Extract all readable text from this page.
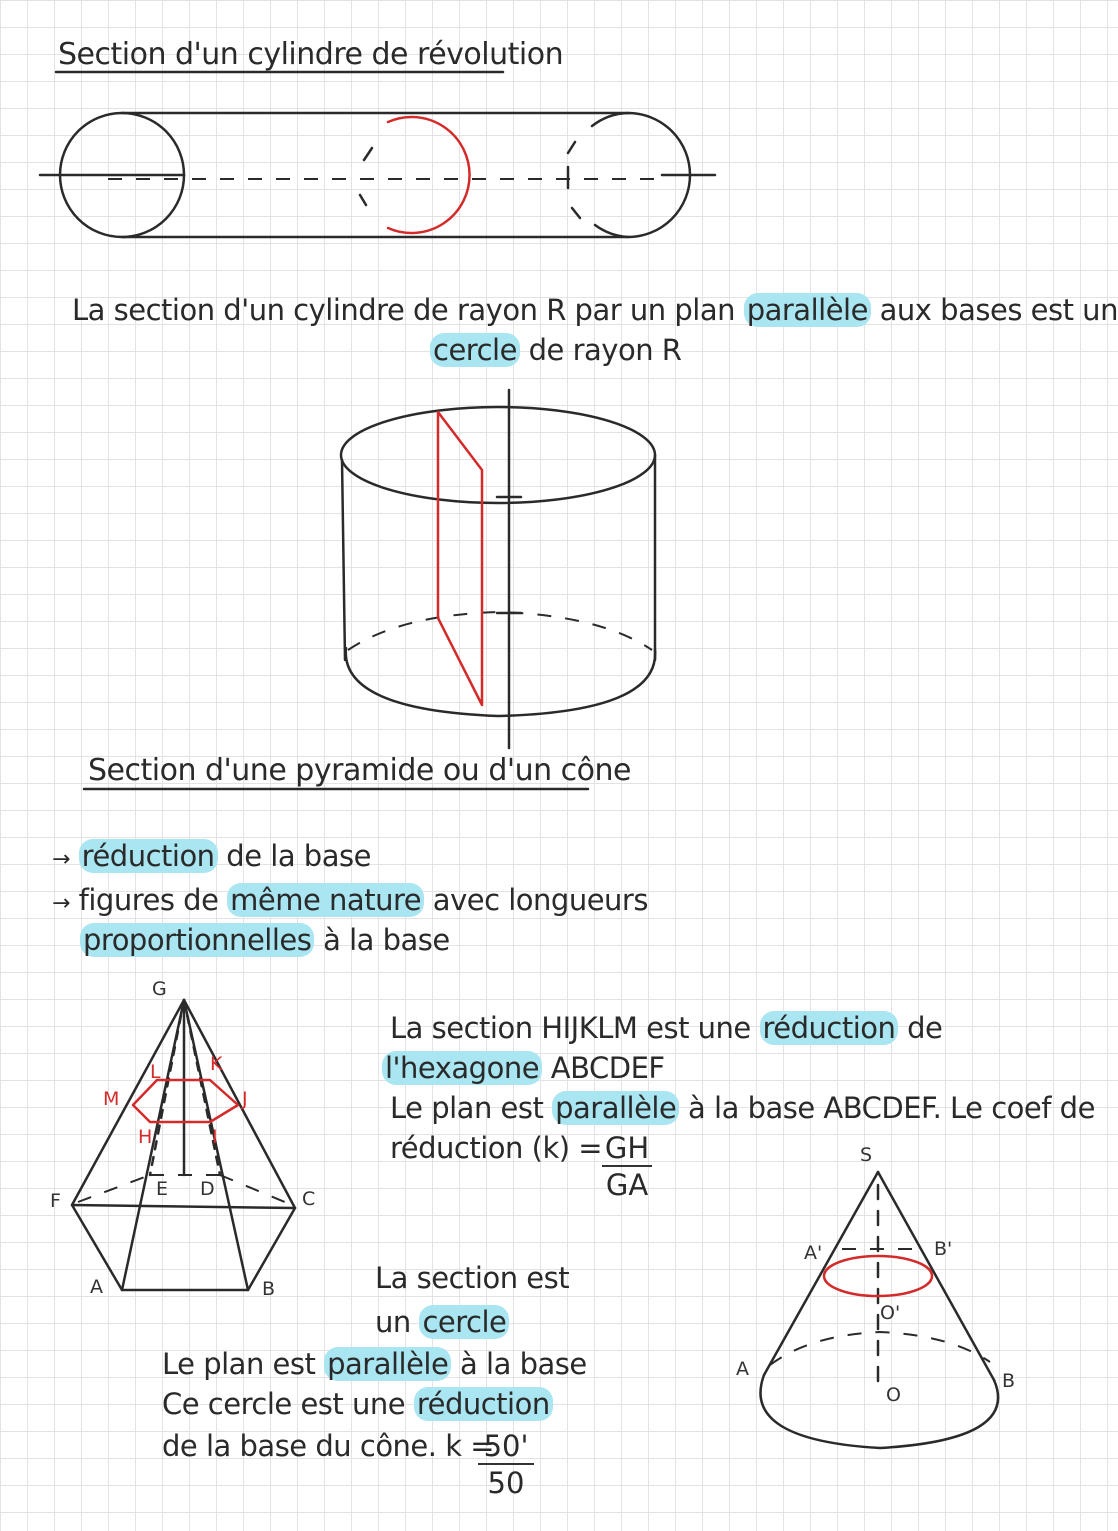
Section d'un cylindre de révolution
La section d'un cylindre de rayon R par un plan parallèle aux bases est un
cercle de rayon R
Section d'une pyramide ou d'un cône
→ réduction de la base
→ figures de même nature avec longueurs
proportionnelles à la base
G
L	K
M	J
H	I
E D
F	C
A	B
La section HIJKLM est une réduction de
l'hexagone ABCDEF
Le plan est parallèle à la base ABCDEF. Le coef de
réduction $(k) = \frac{GH}{GA}$	S
A'	B'
O'
O
A
B
La section est
un cercle
Le plan est parallèle à la base
Ce cercle est une réduction
de la base du cône. k =
$\frac{50'}{50}$
